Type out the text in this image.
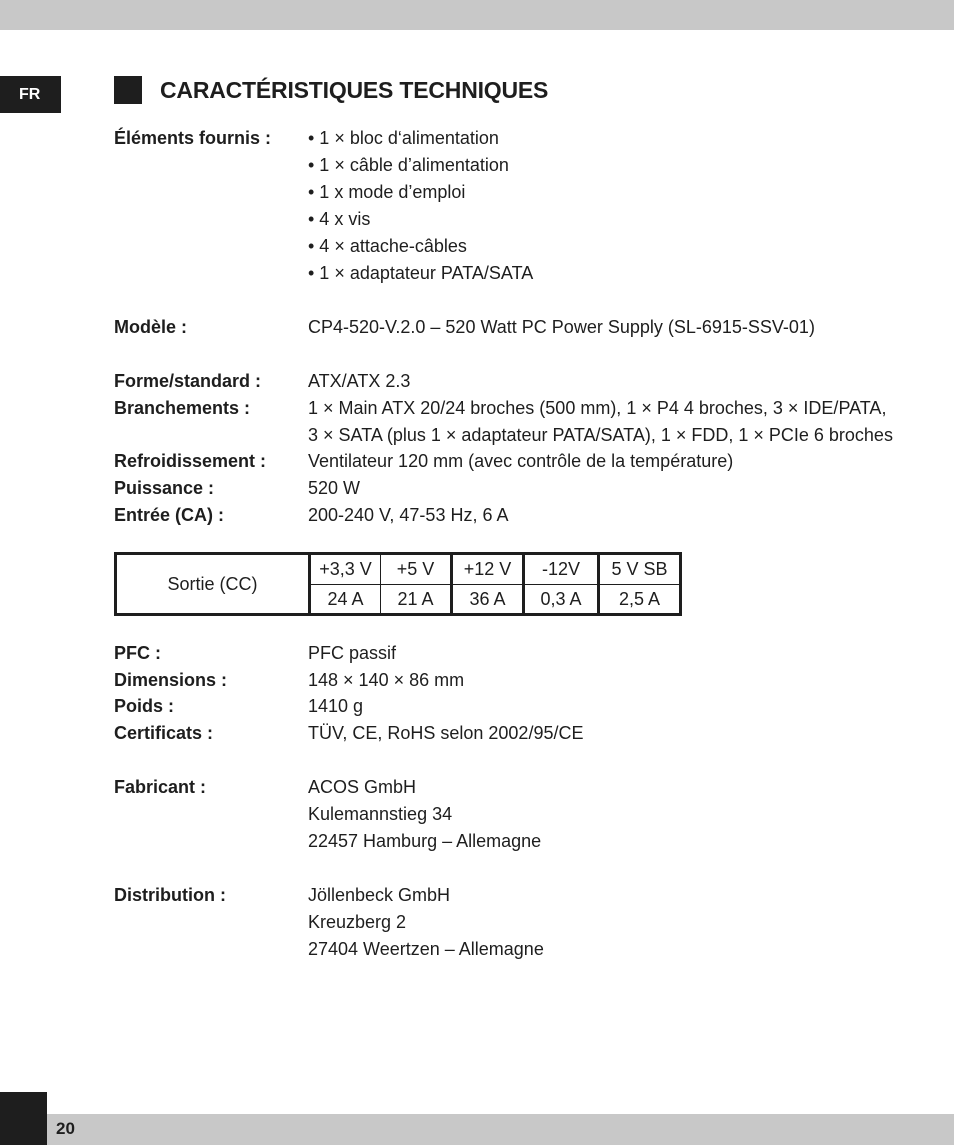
FR	CARACTÉRISTIQUES TECHNIQUES
Éléments fournis : • 1 × bloc d‘alimentation
• 1 × câble d’alimentation
• 1 x mode d’emploi
• 4 x vis
• 4 × attache-câbles
• 1 × adaptateur PATA/SATA
Modèle :	CP4-520-V.2.0 – 520 Watt PC Power Supply (SL-6915-SSV-01)
Forme/standard :	ATX/ATX 2.3
Branchements :	1 × Main ATX 20/24 broches (500 mm), 1 × P4 4 broches, 3 × IDE/PATA,
3 × SATA (plus 1 × adaptateur PATA/SATA), 1 × FDD, 1 × PCIe 6 broches
Refroidissement : Ventilateur 120 mm (avec contrôle de la température)
Puissance :	520 W
Entrée (CA) :	200-240 V, 47-53 Hz, 6 A
Sortie (CC)	+3,3 V	+5 V	+12 V	-12V	5 V SB
	24 A	21 A	36 A	0,3 A	2,5 A
PFC :	PFC passif
Dimensions :	148 × 140 × 86 mm
Poids :	1410 g
Certificats :	TÜV, CE, RoHS selon 2002/95/CE
Fabricant :	ACOS GmbH
Kulemannstieg 34
22457 Hamburg – Allemagne
Distribution :	Jöllenbeck GmbH
Kreuzberg 2
27404 Weertzen – Allemagne
20
